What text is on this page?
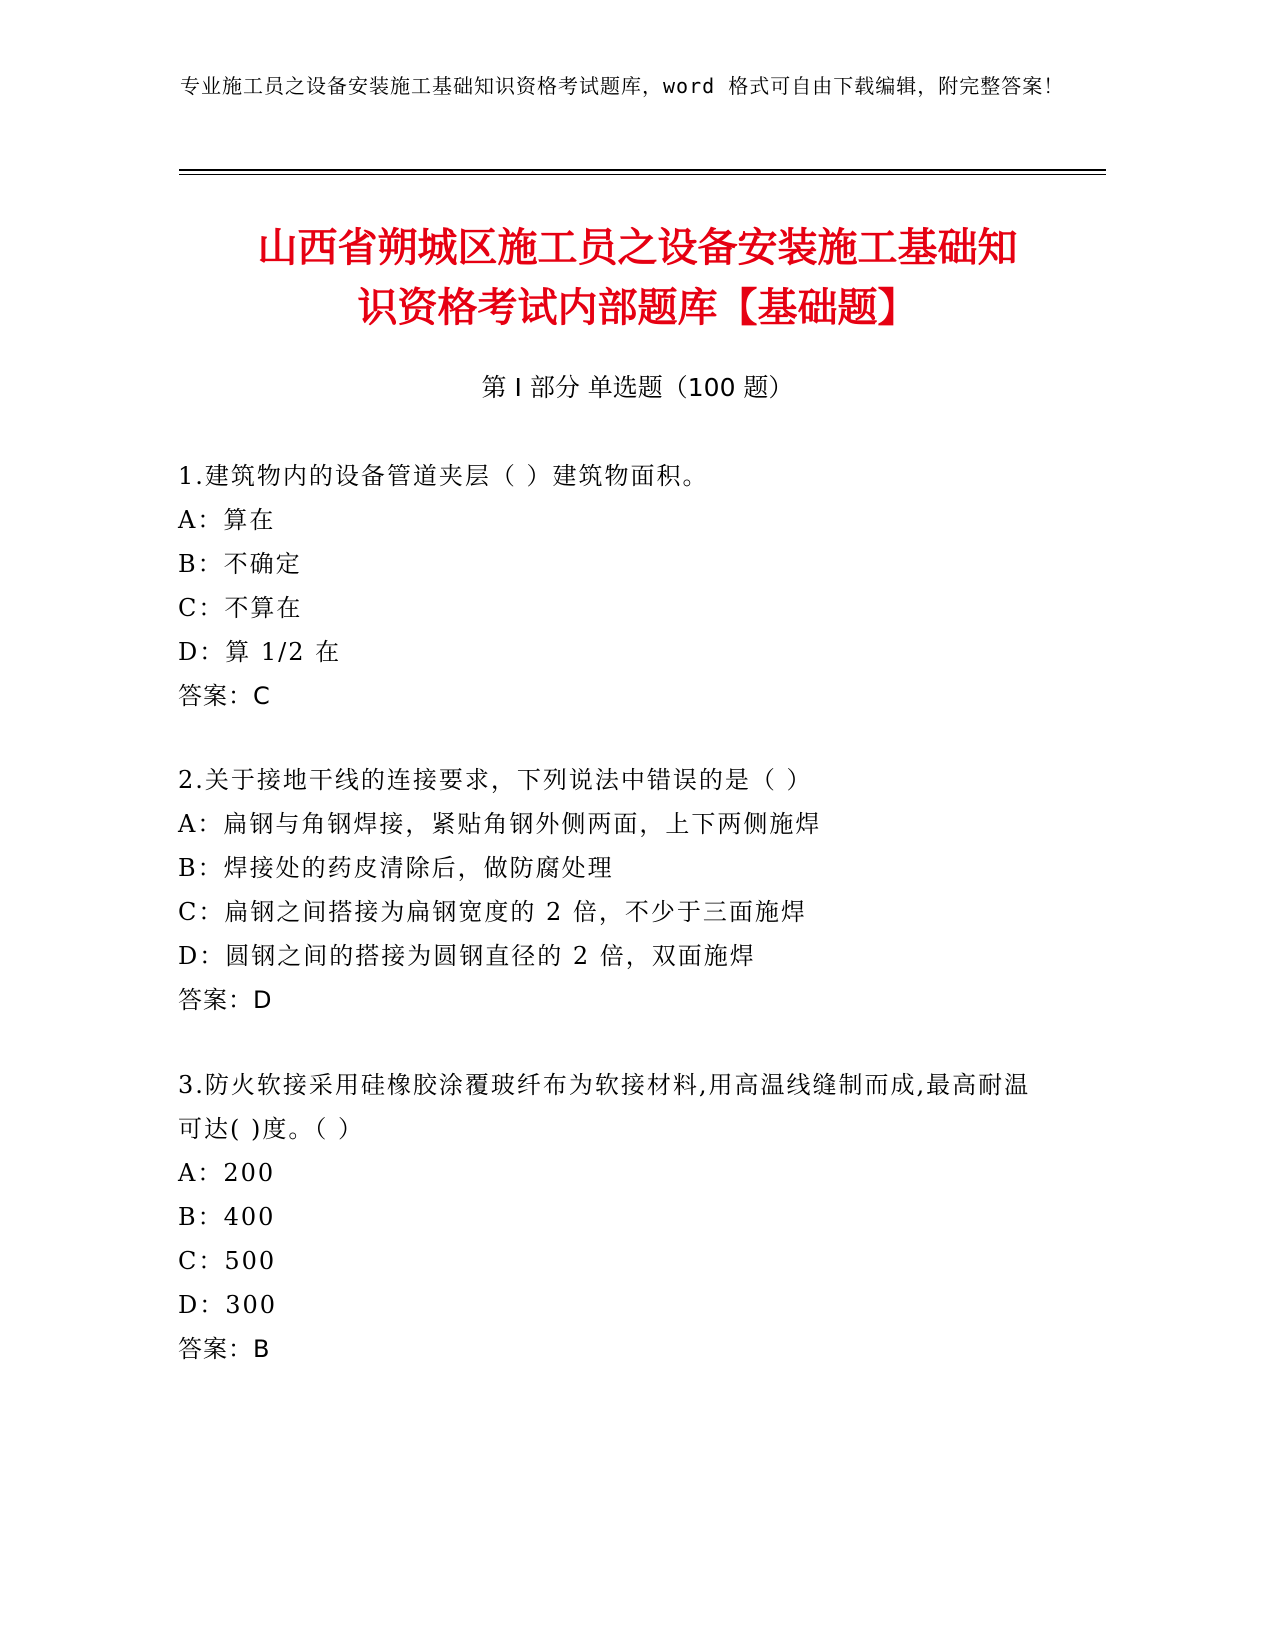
专业施工员之设备安装施工基础知识资格考试题库，word 格式可自由下载编辑，附完整答案！
山西省朔城区施工员之设备安装施工基础知
识资格考试内部题库【基础题】
第 I 部分 单选题（100 题）
1.建筑物内的设备管道夹层（ ）建筑物面积。
A：算在
B：不确定
C：不算在
D：算 1/2 在
答案：C
2.关于接地干线的连接要求，下列说法中错误的是（ ）
A：扁钢与角钢焊接，紧贴角钢外侧两面，上下两侧施焊
B：焊接处的药皮清除后，做防腐处理
C：扁钢之间搭接为扁钢宽度的 2 倍，不少于三面施焊
D：圆钢之间的搭接为圆钢直径的 2 倍，双面施焊
答案：D
3.防火软接采用硅橡胶涂覆玻纤布为软接材料,用高温线缝制而成,最高耐温可达( )度。（ ）
A：200
B：400
C：500
D：300
答案：B
